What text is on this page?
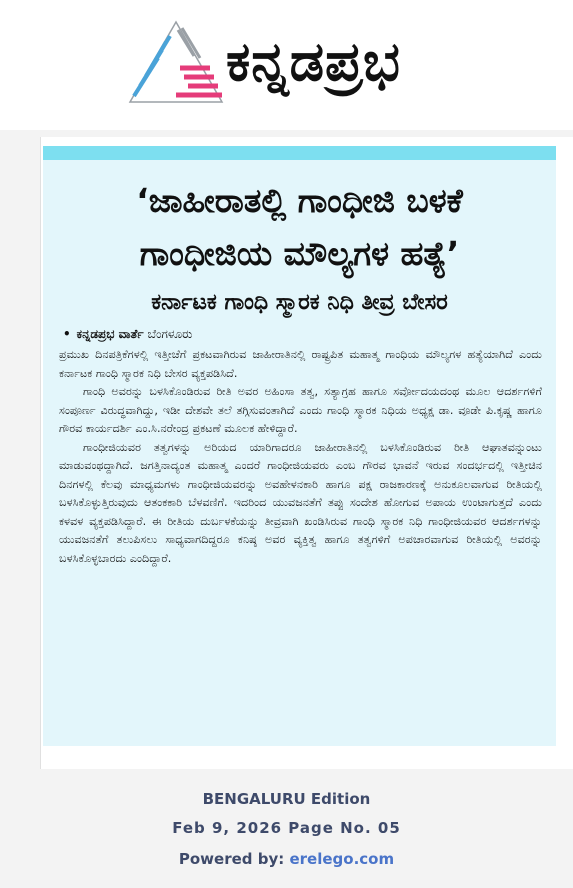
ಕನ್ನಡಪ್ರಭ
‘ಜಾಹೀರಾತಲ್ಲಿ ಗಾಂಧೀಜಿ ಬಳಕೆ
ಗಾಂಧೀಜಿಯ ಮೌಲ್ಯಗಳ ಹತ್ಯೆ’
ಕರ್ನಾಟಕ ಗಾಂಧಿ ಸ್ಮಾರಕ ನಿಧಿ ತೀವ್ರ ಬೇಸರ
• ಕನ್ನಡಪ್ರಭ ವಾರ್ತೆ ಬೆಂಗಳೂರು

ಪ್ರಮುಖ ದಿನಪತ್ರಿಕೆಗಳಲ್ಲಿ ಇತ್ತೀಚೆಗೆ ಪ್ರಕಟವಾಗಿರುವ ಜಾಹೀರಾತಿನಲ್ಲಿ ರಾಷ್ಟ್ರಪಿತ ಮಹಾತ್ಮ ಗಾಂಧಿಯ ಮೌಲ್ಯಗಳ ಹತ್ಯೆಯಾಗಿದೆ ಎಂದು ಕರ್ನಾಟಕ ಗಾಂಧಿ ಸ್ಮಾರಕ ನಿಧಿ ಬೇಸರ ವ್ಯಕ್ತಪಡಿಸಿದೆ.

ಗಾಂಧಿ ಅವರನ್ನು ಬಳಸಿಕೊಂಡಿರುವ ರೀತಿ ಅವರ ಅಹಿಂಸಾ ತತ್ವ, ಸತ್ಯಾಗ್ರಹ ಹಾಗೂ ಸರ್ವೋದಯದಂಥ ಮೂಲ ಆದರ್ಶಗಳಿಗೆ ಸಂಪೂರ್ಣ ವಿರುದ್ಧವಾಗಿದ್ದು, ಇಡೀ ದೇಶವೇ ತಲೆ ತಗ್ಗಿಸುವಂತಾಗಿದೆ ಎಂದು ಗಾಂಧಿ ಸ್ಮಾರಕ ನಿಧಿಯ ಅಧ್ಯಕ್ಷ ಡಾ. ವೂಡೇ ಪಿ.ಕೃಷ್ಣ ಹಾಗೂ ಗೌರವ ಕಾರ್ಯದರ್ಶಿ ಎಂ.ಸಿ.ನರೇಂದ್ರ ಪ್ರಕಟಣೆ ಮೂಲಕ ಹೇಳಿದ್ದಾರೆ.

ಗಾಂಧೀಜಿಯವರ ತತ್ವಗಳನ್ನು ಅರಿಯದ ಯಾರಿಗಾದರೂ ಜಾಹೀರಾತಿನಲ್ಲಿ ಬಳಸಿಕೊಂಡಿರುವ ರೀತಿ ಆಘಾತವನ್ನುಂಟು ಮಾಡುವಂಥದ್ದಾಗಿದೆ. ಜಗತ್ತಿನಾದ್ಯಂತ ಮಹಾತ್ಮ ಎಂದರೆ ಗಾಂಧೀಜಿಯವರು ಎಂಬ ಗೌರವ ಭಾವನೆ ಇರುವ ಸಂದರ್ಭದಲ್ಲಿ ಇತ್ತೀಚಿನ ದಿನಗಳಲ್ಲಿ ಕೆಲವು ಮಾಧ್ಯಮಗಳು ಗಾಂಧೀಜಿಯವರನ್ನು ಅವಹೇಳನಕಾರಿ ಹಾಗೂ ಪಕ್ಷ ರಾಜಕಾರಣಕ್ಕೆ ಅನುಕೂಲವಾಗುವ ರೀತಿಯಲ್ಲಿ ಬಳಸಿಕೊಳ್ಳುತ್ತಿರುವುದು ಆತಂಕಕಾರಿ ಬೆಳವಣಿಗೆ. ಇದರಿಂದ ಯುವಜನತೆಗೆ ತಪ್ಪು ಸಂದೇಶ ಹೋಗುವ ಅಪಾಯ ಉಂಟಾಗುತ್ತದೆ ಎಂದು ಕಳವಳ ವ್ಯಕ್ತಪಡಿಸಿದ್ದಾರೆ. ಈ ರೀತಿಯ ದುರ್ಬಳಕೆಯನ್ನು ತೀವ್ರವಾಗಿ ಖಂಡಿಸಿರುವ ಗಾಂಧಿ ಸ್ಮಾರಕ ನಿಧಿ ಗಾಂಧೀಜಿಯವರ ಆದರ್ಶಗಳನ್ನು ಯುವಜನತೆಗೆ ತಲುಪಿಸಲು ಸಾಧ್ಯವಾಗದಿದ್ದರೂ ಕನಿಷ್ಠ ಅವರ ವ್ಯಕ್ತಿತ್ವ ಹಾಗೂ ತತ್ವಗಳಿಗೆ ಅಪಚಾರವಾಗುವ ರೀತಿಯಲ್ಲಿ ಅವರನ್ನು ಬಳಸಿಕೊಳ್ಳಬಾರದು ಎಂದಿದ್ದಾರೆ.

BENGALURU Edition
Feb 9, 2026 Page No. 05
Powered by: erelego.com
